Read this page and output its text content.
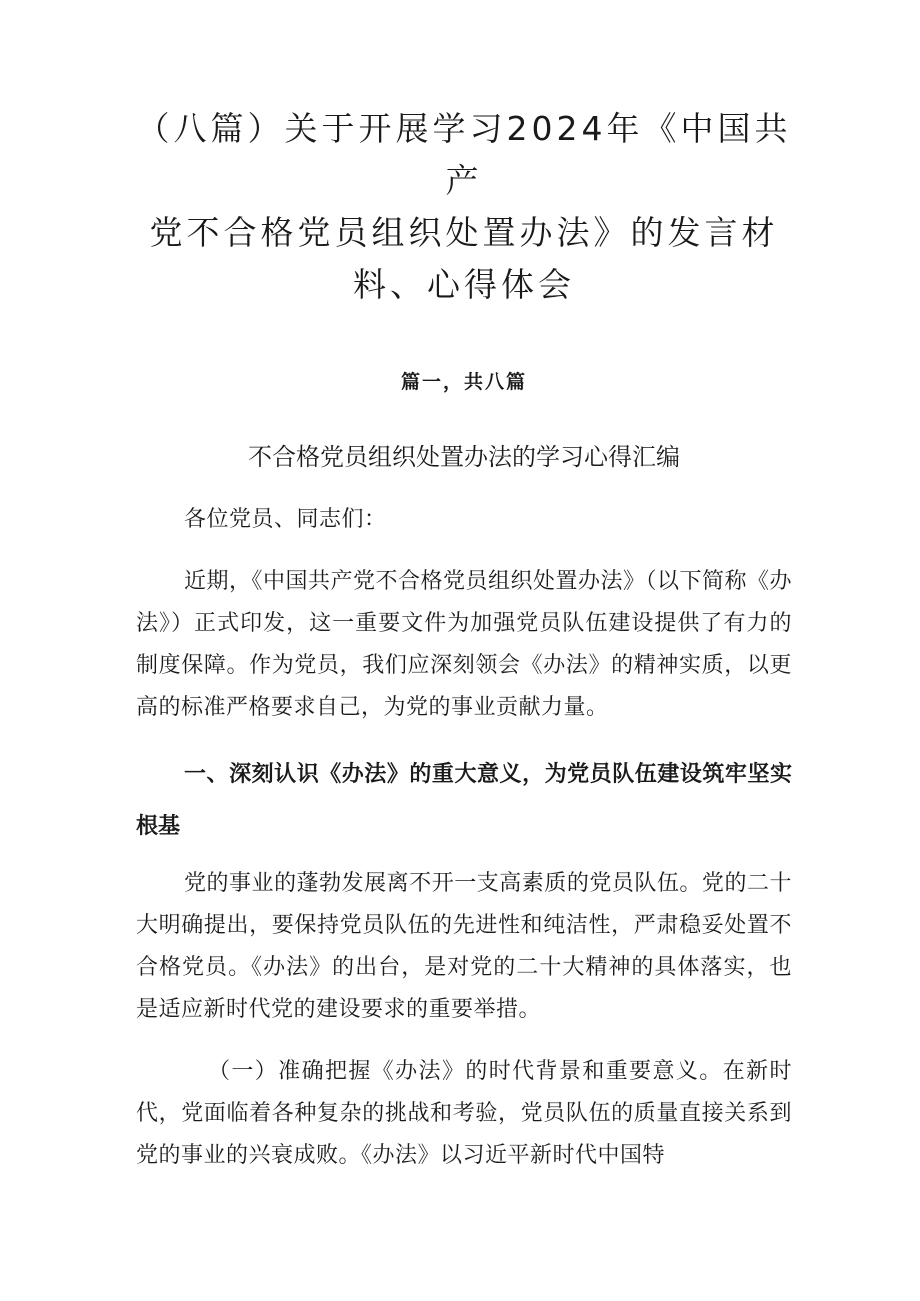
（八篇）关于开展学习2024年《中国共产
党不合格党员组织处置办法》的发言材
料、心得体会
篇一，共八篇
不合格党员组织处置办法的学习心得汇编

各位党员、同志们：

近期，《中国共产党不合格党员组织处置办法》（以下简称《办法》）正式印发，这一重要文件为加强党员队伍建设提供了有力的制度保障。作为党员，我们应深刻领会《办法》的精神实质，以更高的标准严格要求自己，为党的事业贡献力量。

一、深刻认识《办法》的重大意义，为党员队伍建设筑牢坚实根基

党的事业的蓬勃发展离不开一支高素质的党员队伍。党的二十大明确提出，要保持党员队伍的先进性和纯洁性，严肃稳妥处置不合格党员。《办法》的出台，是对党的二十大精神的具体落实，也是适应新时代党的建设要求的重要举措。

（一）准确把握《办法》的时代背景和重要意义。在新时代，党面临着各种复杂的挑战和考验，党员队伍的质量直接关系到党的事业的兴衰成败。《办法》以习近平新时代中国特
